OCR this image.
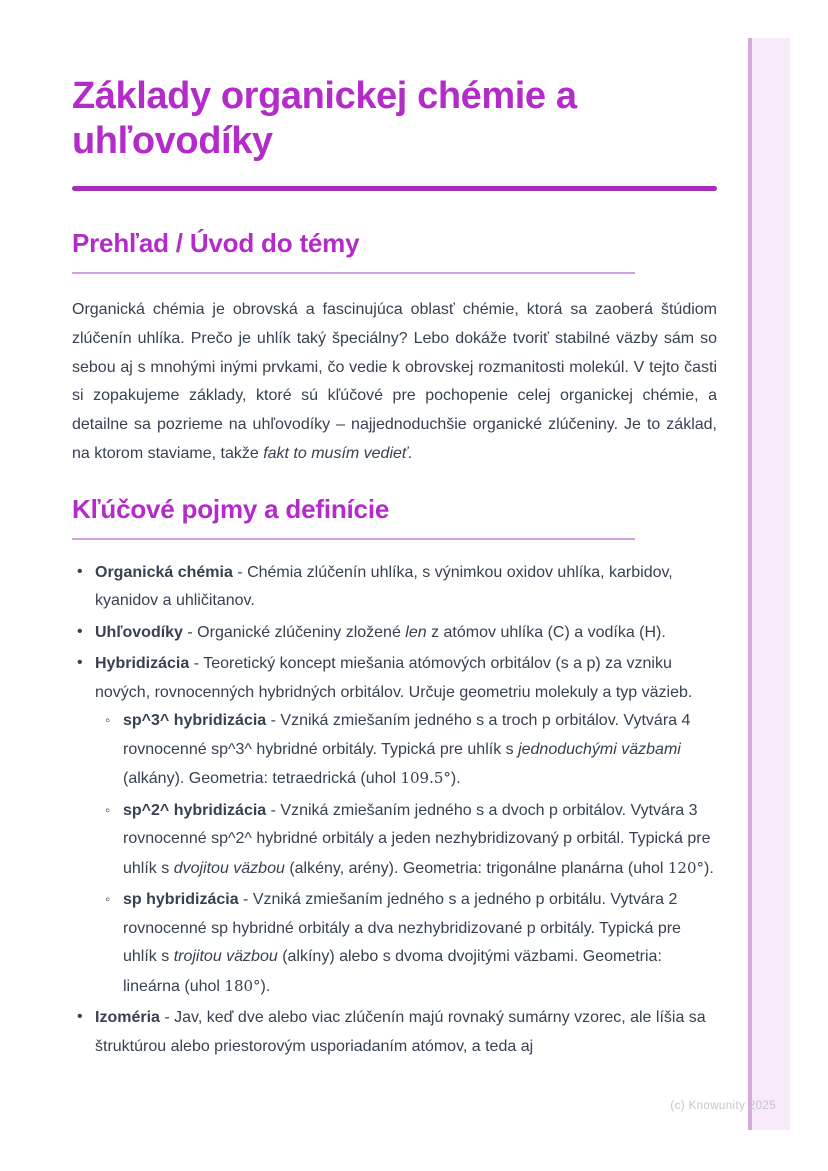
Základy organickej chémie a uhľovodíky
Prehľad / Úvod do témy

Organická chémia je obrovská a fascinujúca oblasť chémie, ktorá sa zaoberá štúdiom zlúčenín uhlíka. Prečo je uhlík taký špeciálny? Lebo dokáže tvoriť stabilné väzby sám so sebou aj s mnohými inými prvkami, čo vedie k obrovskej rozmanitosti molekúl. V tejto časti si zopakujeme základy, ktoré sú kľúčové pre pochopenie celej organickej chémie, a detailne sa pozrieme na uhľovodíky – najjednoduchšie organické zlúčeniny. Je to základ, na ktorom staviame, takže fakt to musím vedieť.

Kľúčové pojmy a definície
• Organická chémia - Chémia zlúčenín uhlíka, s výnimkou oxidov uhlíka, karbidov, kyanidov a uhličitanov.
• Uhľovodíky - Organické zlúčeniny zložené len z atómov uhlíka (C) a vodíka (H).
• Hybridizácia - Teoretický koncept miešania atómových orbitálov (s a p) za vzniku nových, rovnocenných hybridných orbitálov. Určuje geometriu molekuly a typ väzieb.
◦ sp^3^ hybridizácia - Vzniká zmiešaním jedného s a troch p orbitálov. Vytvára 4 rovnocenné sp^3^ hybridné orbitály. Typická pre uhlík s jednoduchými väzbami (alkány). Geometria: tetraedrická (uhol 109.5°).
◦ sp^2^ hybridizácia - Vzniká zmiešaním jedného s a dvoch p orbitálov. Vytvára 3 rovnocenné sp^2^ hybridné orbitály a jeden nezhybridizovaný p orbitál. Typická pre uhlík s dvojitou väzbou (alkény, arény). Geometria: trigonálne planárna (uhol 120°).
◦ sp hybridizácia - Vzniká zmiešaním jedného s a jedného p orbitálu. Vytvára 2 rovnocenné sp hybridné orbitály a dva nezhybridizované p orbitály. Typická pre uhlík s trojitou väzbou (alkíny) alebo s dvoma dvojitými väzbami. Geometria: lineárna (uhol 180°).
• Izoméria - Jav, keď dve alebo viac zlúčenín majú rovnaký sumárny vzorec, ale líšia sa štruktúrou alebo priestorovým usporiadaním atómov, a teda aj
(c) Knowunity 2025
